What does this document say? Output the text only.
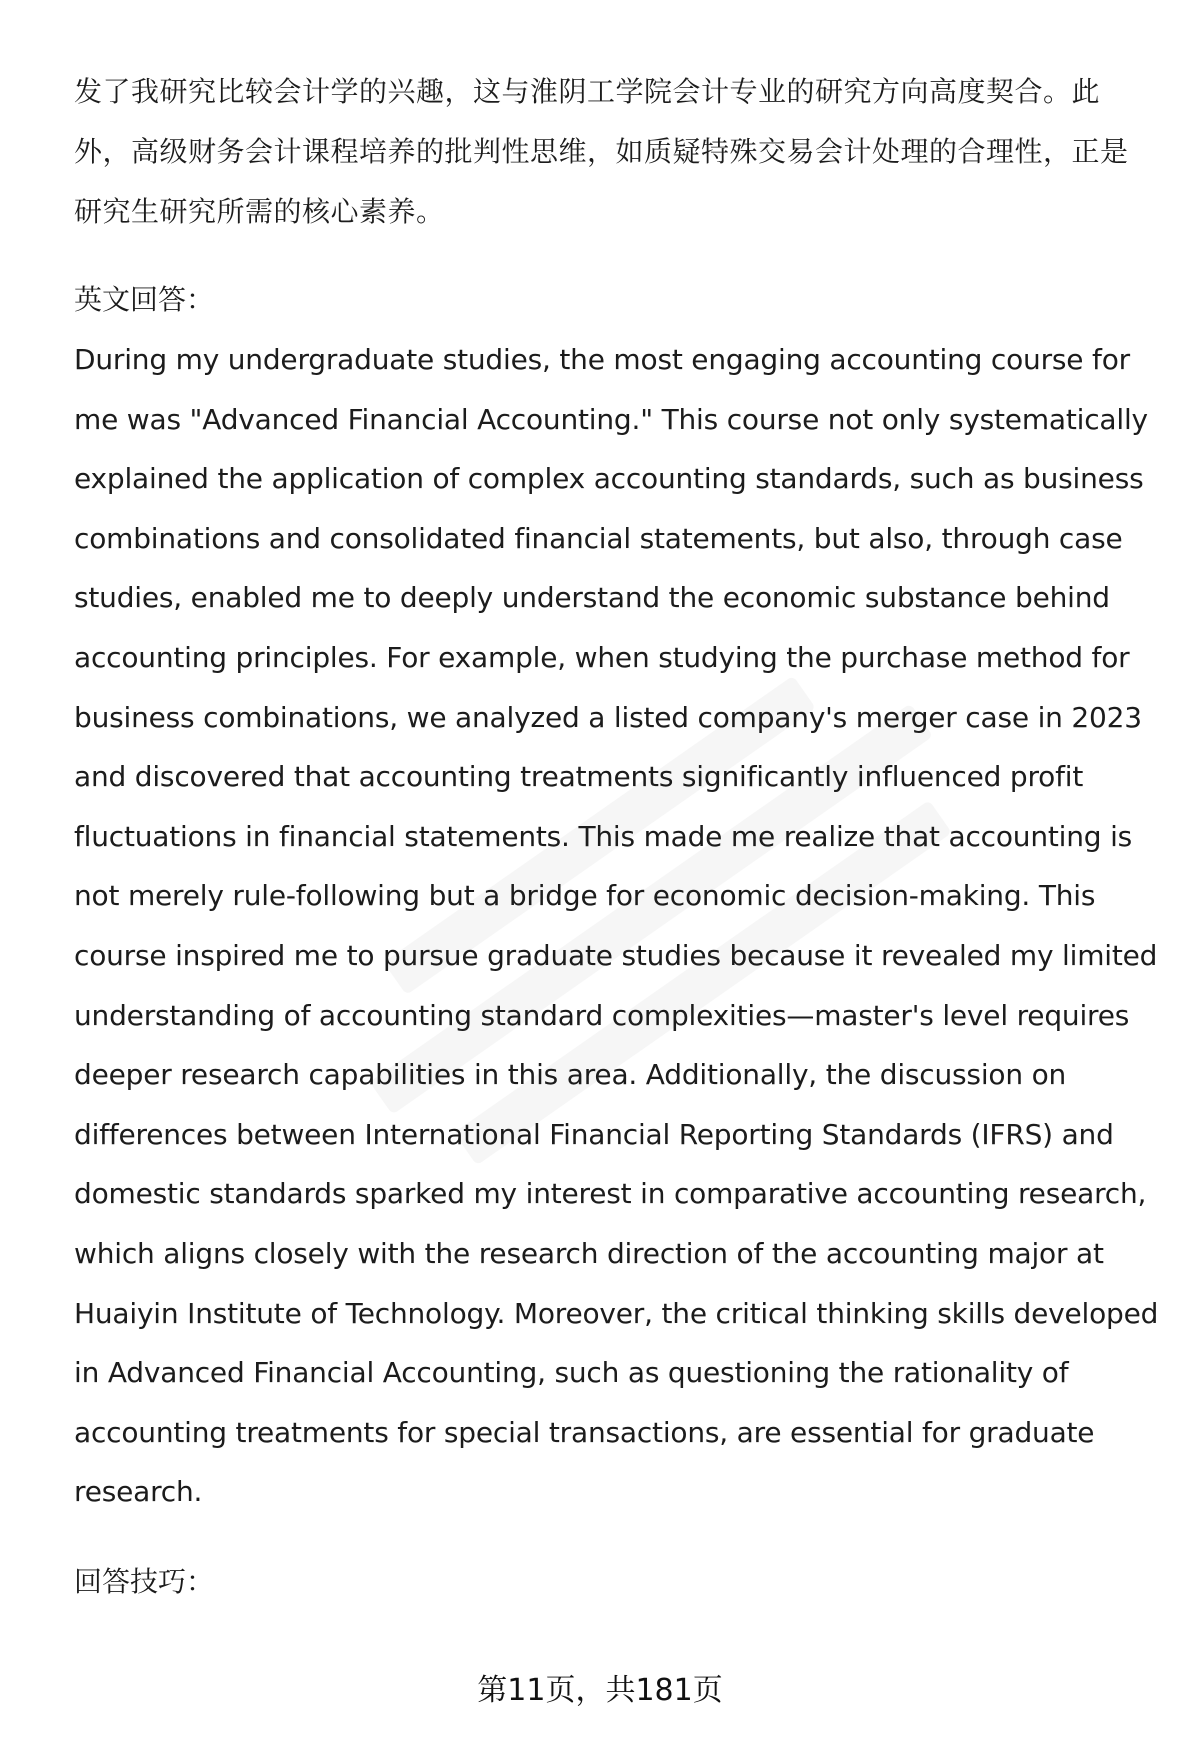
发了我研究比较会计学的兴趣，这与淮阴工学院会计专业的研究方向高度契合。此外，高级财务会计课程培养的批判性思维，如质疑特殊交易会计处理的合理性，正是研究生研究所需的核心素养。

英文回答：

During my undergraduate studies, the most engaging accounting course for me was "Advanced Financial Accounting." This course not only systematically explained the application of complex accounting standards, such as business combinations and consolidated financial statements, but also, through case studies, enabled me to deeply understand the economic substance behind accounting principles. For example, when studying the purchase method for business combinations, we analyzed a listed company's merger case in 2023 and discovered that accounting treatments significantly influenced profit fluctuations in financial statements. This made me realize that accounting is not merely rule-following but a bridge for economic decision-making. This course inspired me to pursue graduate studies because it revealed my limited understanding of accounting standard complexities—master's level requires deeper research capabilities in this area. Additionally, the discussion on differences between International Financial Reporting Standards (IFRS) and domestic standards sparked my interest in comparative accounting research, which aligns closely with the research direction of the accounting major at Huaiyin Institute of Technology. Moreover, the critical thinking skills developed in Advanced Financial Accounting, such as questioning the rationality of accounting treatments for special transactions, are essential for graduate research.

回答技巧：

第11页，共181页
